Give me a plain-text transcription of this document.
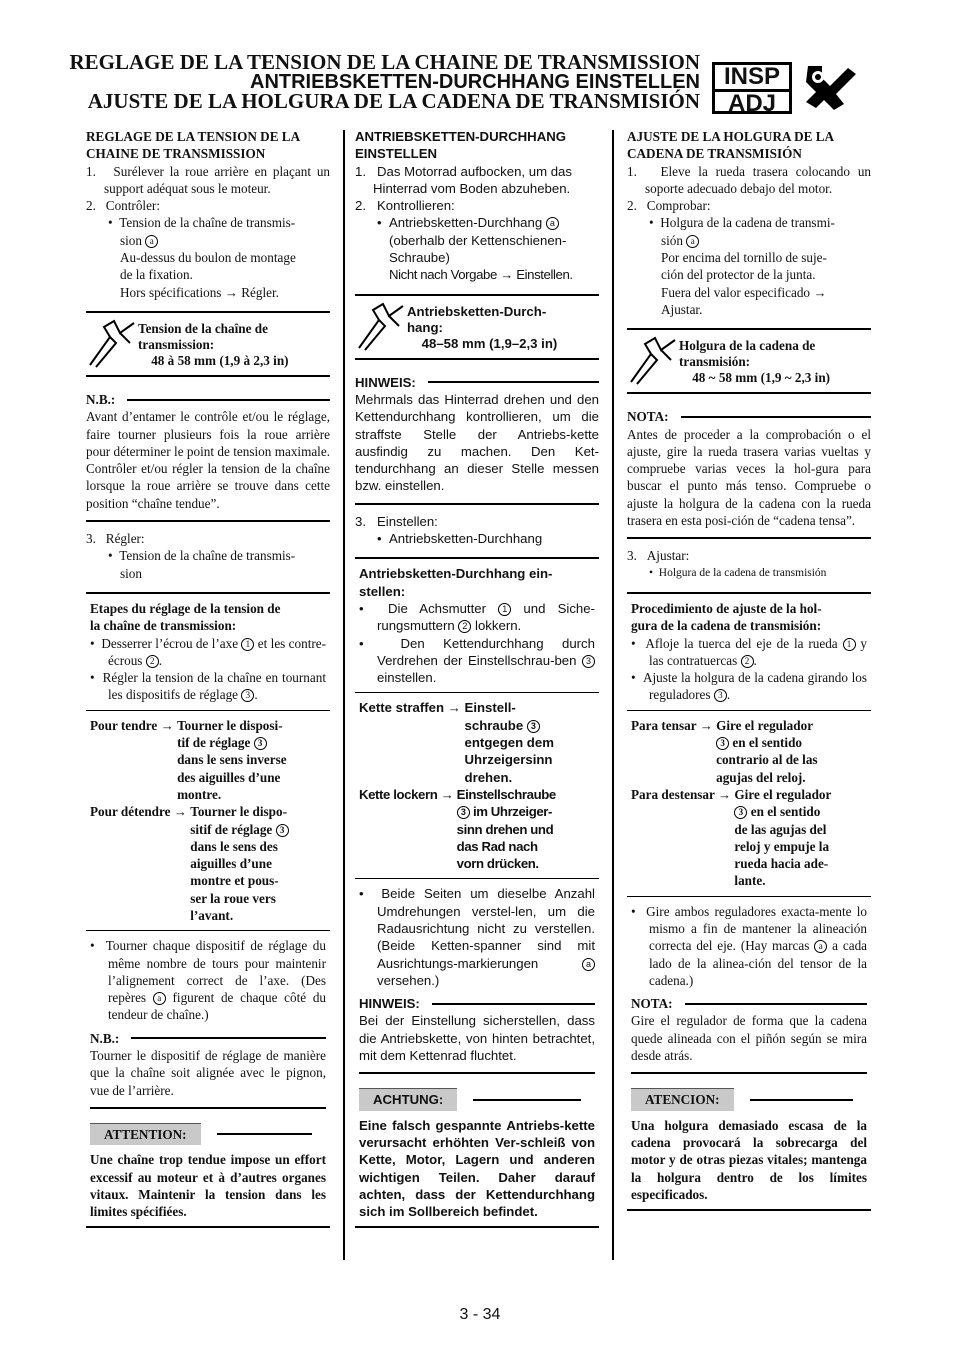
REGLAGE DE LA TENSION DE LA CHAINE DE TRANSMISSION
ANTRIEBSKETTEN-DURCHHANG EINSTELLEN
AJUSTE DE LA HOLGURA DE LA CADENA DE TRANSMISIÓN
INSP
ADJ

REGLAGE DE LA TENSION DE LA
CHAINE DE TRANSMISSION

1. Surélever la roue arrière en plaçant un support adéquat sous le moteur.

2. Contrôler:

•  Tension de la chaîne de transmis-
sion a

Au-dessus du boulon de montage
de la fixation.
Hors spécifications → Régler.

Tension de la chaîne de
transmission:
48 à 58 mm (1,9 à 2,3 in)
N.B.:

Avant d’entamer le contrôle et/ou le réglage, faire tourner plusieurs fois la roue arrière pour déterminer le point de tension maximale. Contrôler et/ou régler la tension de la chaîne lorsque la roue arrière se trouve dans cette position “chaîne tendue”.

3. Régler:

•  Tension de la chaîne de transmis-
sion

Etapes du réglage de la tension de
la chaîne de transmission:

•  Desserrer l’écrou de l’axe 1 et les contre-écrous 2 .

•  Régler la tension de la chaîne en tournant les dispositifs de réglage 3 .

Pour tendre →
Tourner le disposi-
tif de réglage 3
dans le sens inverse
des aiguilles d’une
montre.
Pour détendre →
Tourner le dispo-
sitif de réglage 3
dans le sens des
aiguilles d’une
montre et pous-
ser la roue vers
l’avant.

•  Tourner chaque dispositif de réglage du même nombre de tours pour maintenir l’alignement correct de l’axe. (Des repères a figurent de chaque côté du tendeur de chaîne.)

N.B.:

Tourner le dispositif de réglage de manière que la chaîne soit alignée avec le pignon, vue de l’arrière.

ATTENTION:

Une chaîne trop tendue impose un effort excessif au moteur et à d’autres organes vitaux. Maintenir la tension dans les limites spécifiées.

ANTRIEBSKETTEN-DURCHHANG
EINSTELLEN

1. Das Motorrad aufbocken, um das Hinterrad vom Boden abzuheben.

2. Kontrollieren:

•  Antriebsketten-Durchhang a

(oberhalb der Kettenschienen-
Schraube)
Nicht nach Vorgabe → Einstellen.

Antriebsketten-Durch-
hang:
48–58 mm (1,9–2,3 in)
HINWEIS:

Mehrmals das Hinterrad drehen und den Kettendurchhang kontrollieren, um die straffste Stelle der Antriebs-kette ausfindig zu machen. Den Ket-tendurchhang an dieser Stelle messen bzw. einstellen.

3. Einstellen:

•  Antriebsketten-Durchhang

Antriebsketten-Durchhang ein-
stellen:

•  Die Achsmutter 1 und Siche-rungsmuttern 2 lokkern.

•  Den Kettendurchhang durch Verdrehen der Einstellschrau-ben 3 einstellen.

Kette straffen →
Einstell-
schraube 3
entgegen dem
Uhrzeigersinn
drehen.
Kette lockern →
Einstellschraube
3 im Uhrzeiger-
sinn drehen und
das Rad nach
vorn drücken.

•  Beide Seiten um dieselbe Anzahl Umdrehungen verstel-len, um die Radausrichtung nicht zu verstellen. (Beide Ketten-spanner sind mit Ausrichtungs-markierungen	a versehen.)

HINWEIS:

Bei der Einstellung sicherstellen, dass die Antriebskette, von hinten betrachtet, mit dem Kettenrad fluchtet.

ACHTUNG:

Eine falsch gespannte Antriebs-kette verursacht erhöhten Ver-schleiß von Kette, Motor, Lagern und anderen wichtigen Teilen. Daher darauf achten, dass der Kettendurchhang sich im Sollbereich befindet.

AJUSTE DE LA HOLGURA DE LA
CADENA DE TRANSMISIÓN

1. Eleve la rueda trasera colocando un soporte adecuado debajo del motor.

2. Comprobar:

•  Holgura de la cadena de transmi-
sión a

Por encima del tornillo de suje-
ción del protector de la junta.
Fuera del valor especificado →
Ajustar.

Holgura de la cadena de
transmisión:
48 ~ 58 mm (1,9 ~ 2,3 in)
NOTA:

Antes de proceder a la comprobación o el ajuste, gire la rueda trasera varias vueltas y compruebe varias veces la hol-gura para buscar el punto más tenso. Compruebe o ajuste la holgura de la cadena con la rueda trasera en esta posi-ción de “cadena tensa”.

3. Ajustar:

•  Holgura de la cadena de transmisión

Procedimiento de ajuste de la hol-
gura de la cadena de transmisión:

•  Afloje la tuerca del eje de la rueda 1 y las contratuercas 2 .

•  Ajuste la holgura de la cadena girando los reguladores 3 .

Para tensar →
Gire el regulador
3 en el sentido
contrario al de las
agujas del reloj.
Para destensar →
Gire el regulador
3 en el sentido
de las agujas del
reloj y empuje la
rueda hacia ade-
lante.

•  Gire ambos reguladores exacta-mente lo mismo a fin de mantener la alineación correcta del eje. (Hay marcas a a cada lado de la alinea-ción del tensor de la cadena.)

NOTA:

Gire el regulador de forma que la cadena quede alineada con el piñón según se mira desde atrás.

ATENCION:

Una holgura demasiado escasa de la cadena provocará la sobrecarga del motor y de otras piezas vitales; mantenga la holgura dentro de los límites especificados.

3 - 34
